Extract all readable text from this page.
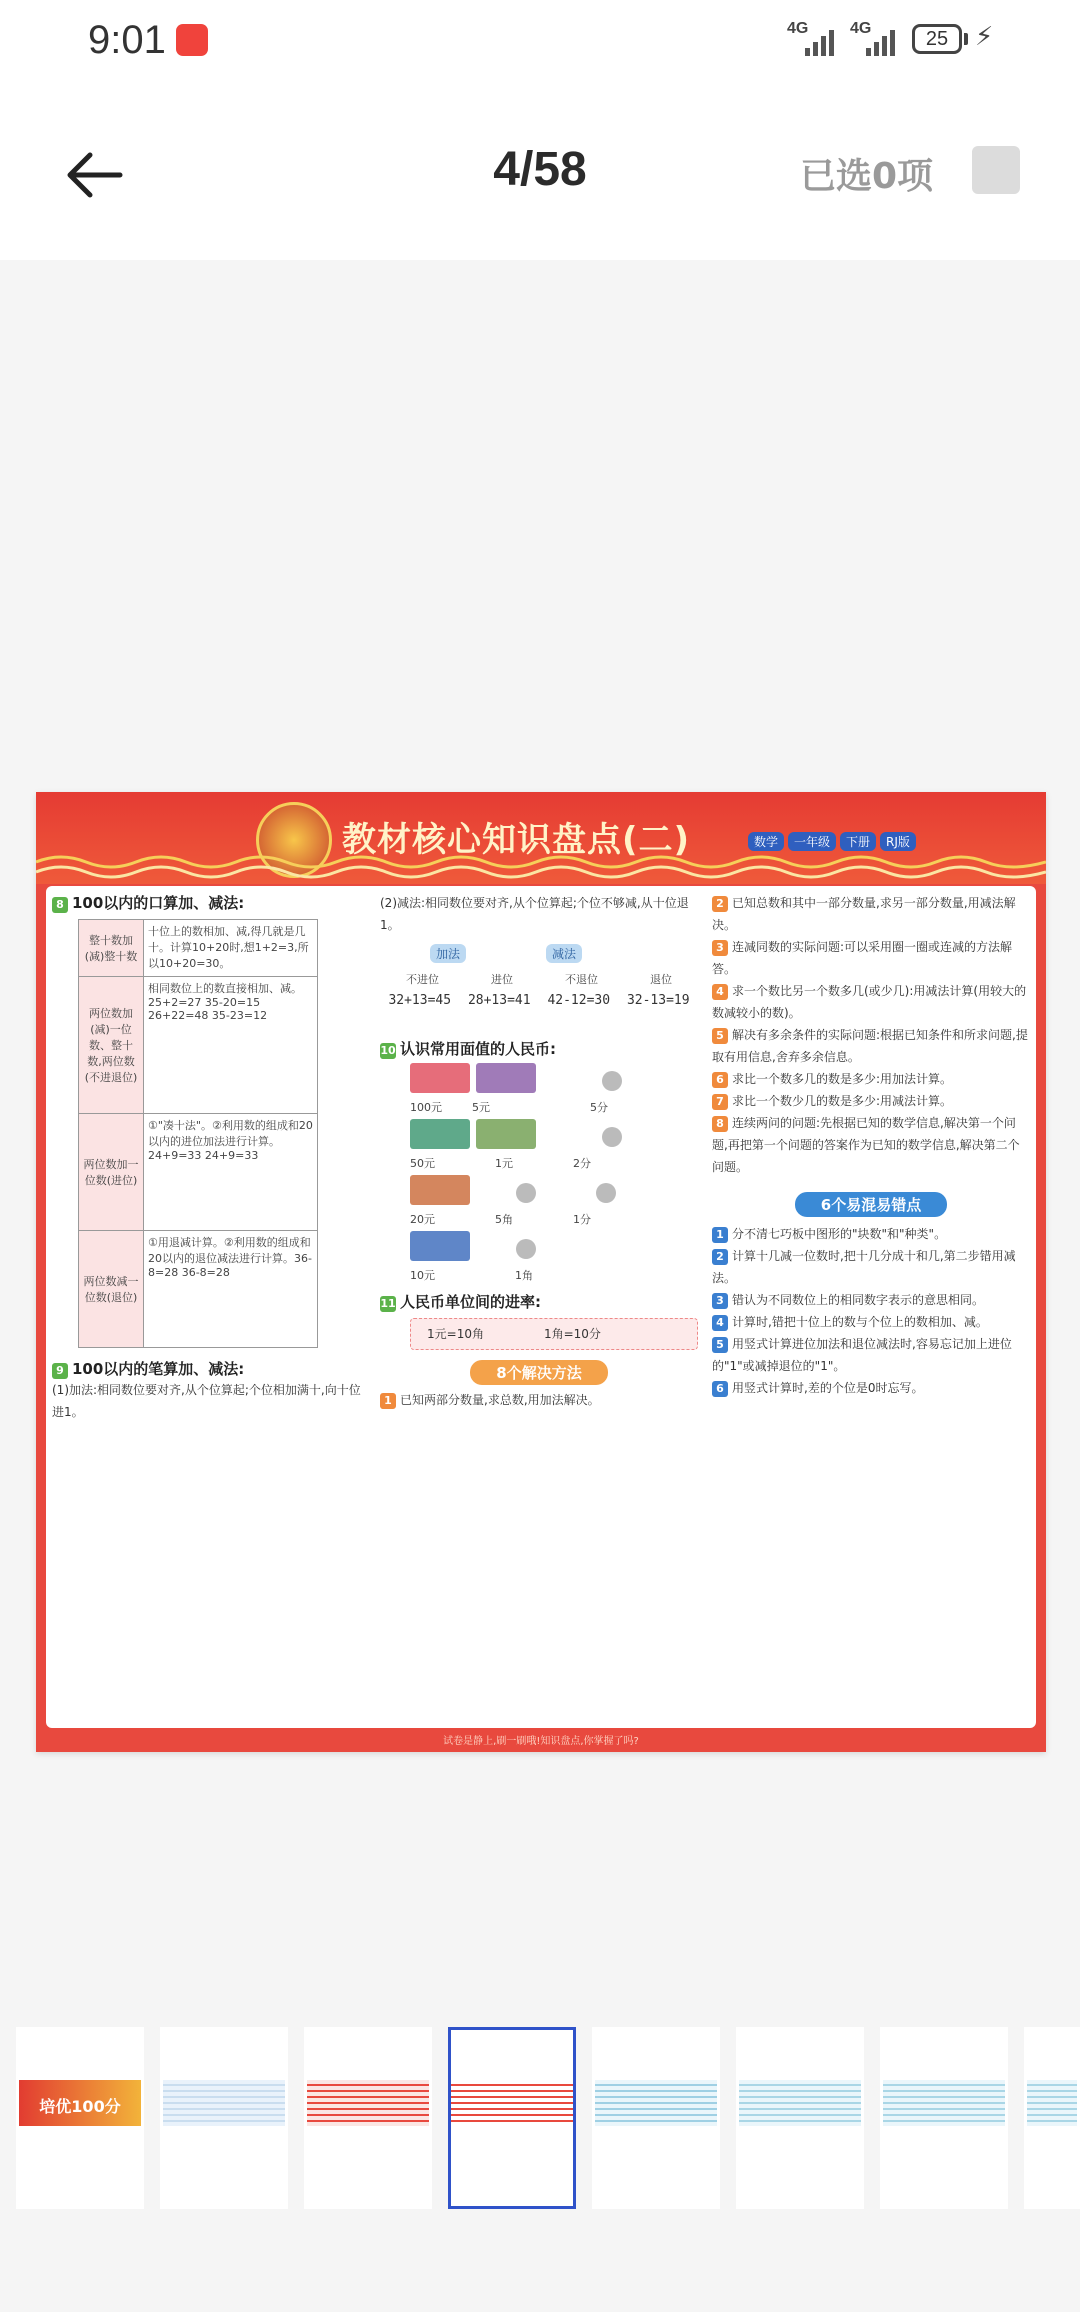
9:01	4G	4G	25	⚡
4/58	已选0项
教材核心知识盘点(二)	数学	一年级	下册	RJ版
8 100以内的口算加、减法:
整十数加(减)整十数	十位上的数相加、减,得几就是几十。计算10+20时,想1+2=3,所以10+20=30。
两位数加(减)一位数、整十数,两位数(不进退位)	相同数位上的数直接相加、减。25+2=27 35-20=15 26+22=48 35-23=12
两位数加一位数(进位)	①"凑十法"。②利用数的组成和20以内的进位加法进行计算。24+9=33 24+9=33
两位数减一位数(退位)	①用退减计算。②利用数的组成和20以内的退位减法进行计算。36-8=28 36-8=28
9 100以内的笔算加、减法:
(1)加法:相同数位要对齐,从个位算起;个位相加满十,向十位进1。
(2)减法:相同数位要对齐,从个位算起;个位不够减,从十位退1。
加法	减法
不进位	进位	不退位	退位
32+13=45 28+13=41 42-12=30 32-13=19
10 认识常用面值的人民币:
100元	5元	5分
50元	1元	2分
20元	5角	1分
10元	1角
11 人民币单位间的进率:
1元=10角	1角=10分
8个解决方法
1 已知两部分数量,求总数,用加法解决。
2 已知总数和其中一部分数量,求另一部分数量,用减法解决。
3 连减同数的实际问题:可以采用圈一圈或连减的方法解答。
4 求一个数比另一个数多几(或少几):用减法计算(用较大的数减较小的数)。
5 解决有多余条件的实际问题:根据已知条件和所求问题,提取有用信息,舍弃多余信息。
6 求比一个数多几的数是多少:用加法计算。
7 求比一个数少几的数是多少:用减法计算。
8 连续两问的问题:先根据已知的数学信息,解决第一个问题,再把第一个问题的答案作为已知的数学信息,解决第二个问题。
6个易混易错点
1 分不清七巧板中图形的"块数"和"种类"。
2 计算十几减一位数时,把十几分成十和几,第二步错用减法。
3 错认为不同数位上的相同数字表示的意思相同。
4 计算时,错把十位上的数与个位上的数相加、减。
5 用竖式计算进位加法和退位减法时,容易忘记加上进位的"1"或减掉退位的"1"。
6 用竖式计算时,差的个位是0时忘写。
试卷是静上,刷一刷哦!知识盘点,你掌握了吗?
培优100分
